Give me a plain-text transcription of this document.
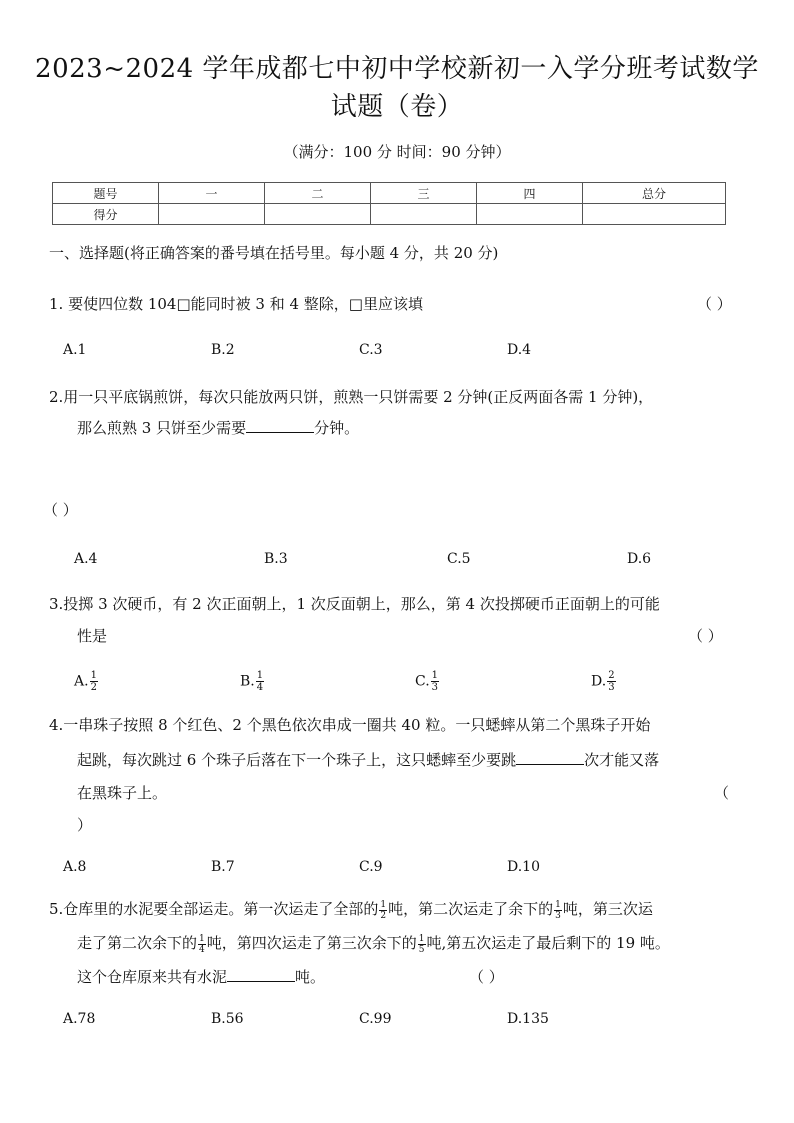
2023~2024 学年成都七中初中学校新初一入学分班考试数学
试题（卷）
（满分：100 分 时间：90 分钟）
题号	一	二	三	四	总分
得分					
一、选择题(将正确答案的番号填在括号里。每小题 4 分，共 20 分)
1. 要使四位数 104□能同时被 3 和 4 整除，□里应该填	（ ）
A.1	B.2	C.3	D.4
2.用一只平底锅煎饼，每次只能放两只饼，煎熟一只饼需要 2 分钟(正反两面各需 1 分钟)，
那么煎熟 3 只饼至少需要	分钟。
（ ）
A.4	B.3	C.5	D.6
3.投掷 3 次硬币，有 2 次正面朝上，1 次反面朝上，那么，第 4 次投掷硬币正面朝上的可能
性是	（ ）
A. $\frac{1}{2}$	B. $\frac{1}{4}$	C. $\frac{1}{3}$	D. $\frac{2}{3}$
4.一串珠子按照 8 个红色、2 个黑色依次串成一圈共 40 粒。一只蟋蟀从第二个黑珠子开始
起跳，每次跳过 6 个珠子后落在下一个珠子上，这只蟋蟀至少要跳	次才能又落
在黑珠子上。	（
）
A.8	B.7	C.9	D.10
5.仓库里的水泥要全部运走。第一次运走了全部的 $\frac{1}{2}$ 吨，第二次运走了余下的 $\frac{1}{3}$ 吨，第三次运
走了第二次余下的 $\frac{1}{4}$ 吨，第四次运走了第三次余下的 $\frac{1}{5}$ 吨,第五次运走了最后剩下的 19 吨。
这个仓库原来共有水泥	吨。	（ ）
A.78	B.56	C.99	D.135
